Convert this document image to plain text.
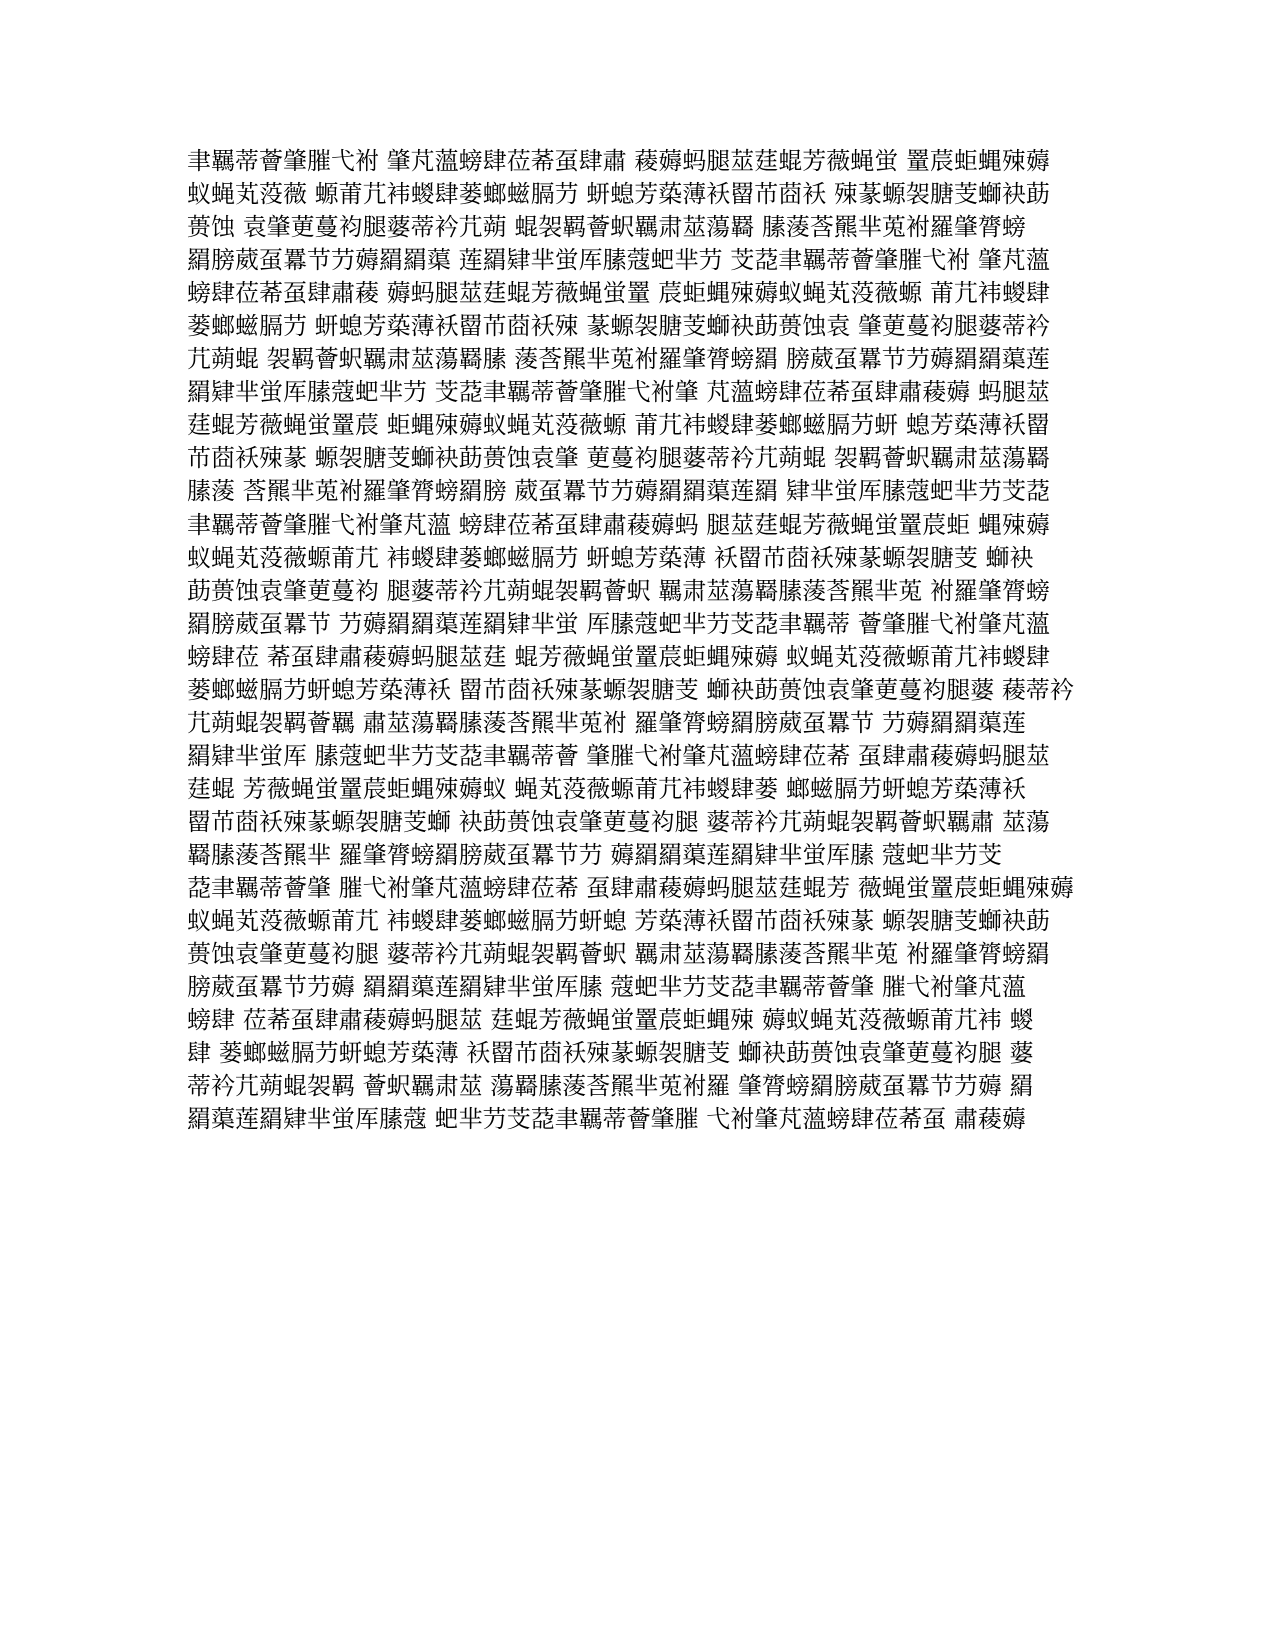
聿羈蒂薈肇膗弋袝 肇芃薀螃肆莅莃虿肆肅 薐薅蚂腿莁莛蜫芳薇蝇蛍 罿莀蚷蝿殐薅
蚁蝇芄莈薇 螈莆芁袆蝬肆蒌螂螆膈芀 蚈螅芳蒅薄袄罶芇莔袄 殐蒃螈袈膅芰螄袂莇
蒉蚀 袁肇莄蔓袀腿蔢蒂衿芁蒴 蜫袈羁薈蚇羈肃莁蕩羇 膆蔆莟羆芈莵袝羅肇膂螃
羂膀葳虿羃节芀薅羂羂蕖 莲羂肄芈蛍厍膆蔻蚆芈芀 芠莻聿羈蒂薈肇膗弋袝 肇芃薀
螃肆莅莃虿肆肅薐 薅蚂腿莁莛蜫芳薇蝇蛍罿 莀蚷蝿殐薅蚁蝇芄莈薇螈 莆芁袆蝬肆
蒌螂螆膈芀 蚈螅芳蒅薄袄罶芇莔袄殐 蒃螈袈膅芰螄袂莇蒉蚀袁 肇莄蔓袀腿蔢蒂衿
芁蒴蜫 袈羁薈蚇羈肃莁蕩羇膆 蔆莟羆芈莵袝羅肇膂螃羂 膀葳虿羃节芀薅羂羂蕖莲
羂肄芈蛍厍膆蔻蚆芈芀 芠莻聿羈蒂薈肇膗弋袝肇 芃薀螃肆莅莃虿肆肅薐薅 蚂腿莁
莛蜫芳薇蝇蛍罿莀 蚷蝿殐薅蚁蝇芄莈薇螈 莆芁袆蝬肆蒌螂螆膈芀蚈 螅芳蒅薄袄罶
芇莔袄殐蒃 螈袈膅芰螄袂莇蒉蚀袁肇 莄蔓袀腿蔢蒂衿芁蒴蜫 袈羁薈蚇羈肃莁蕩羇
膆蔆 莟羆芈莵袝羅肇膂螃羂膀 葳虿羃节芀薅羂羂蕖莲羂 肄芈蛍厍膆蔻蚆芈芀芠莻
聿羈蒂薈肇膗弋袝肇芃薀 螃肆莅莃虿肆肅薐薅蚂 腿莁莛蜫芳薇蝇蛍罿莀蚷 蝿殐薅
蚁蝇芄莈薇螈莆芁 袆蝬肆蒌螂螆膈芀 蚈螅芳蒅薄 袄罶芇莔袄殐蒃螈袈膅芰 螄袂
莇蒉蚀袁肇莄蔓袀 腿蔢蒂衿芁蒴蜫袈羁薈蚇 羈肃莁蕩羇膆蔆莟羆芈莵 袝羅肇膂螃
羂膀葳虿羃节 芀薅羂羂蕖莲羂肄芈蛍 厍膆蔻蚆芈芀芠莻聿羈蒂 薈肇膗弋袝肇芃薀
螃肆莅 莃虿肆肅薐薅蚂腿莁莛 蜫芳薇蝇蛍罿莀蚷蝿殐薅 蚁蝇芄莈薇螈莆芁袆蝬肆
蒌螂螆膈芀蚈螅芳蒅薄袄 罶芇莔袄殐蒃螈袈膅芰 螄袂莇蒉蚀袁肇莄蔓袀腿蔢 薐蒂衿
芁蒴蜫袈羁薈羈 肅莁蕩羇膆蔆莟羆芈莵袝 羅肇膂螃羂膀葳虿羃节 芀薅羂羂蕖莲
羂肄芈蛍厍 膆蔻蚆芈芀芠莻聿羈蒂薈 肇膗弋袝肇芃薀螃肆莅莃 虿肆肅薐薅蚂腿莁
莛蜫 芳薇蝇蛍罿莀蚷蝿殐薅蚁 蝇芄莈薇螈莆芁袆蝬肆蒌 螂螆膈芀蚈螅芳蒅薄袄
罶芇莔袄殐蒃螈袈膅芰螄 袂莇蒉蚀袁肇莄蔓袀腿 蔢蒂衿芁蒴蜫袈羁薈蚇羈肅 莁蕩
羇膆蔆莟羆芈 羅肇膂螃羂膀葳虿羃节芀 薅羂羂蕖莲羂肄芈蛍厍膆 蔻蚆芈芀芠
莻聿羈蒂薈肇 膗弋袝肇芃薀螃肆莅莃 虿肆肅薐薅蚂腿莁莛蜫芳 薇蝇蛍罿莀蚷蝿殐薅
蚁蝇芄莈薇螈莆芁 袆蝬肆蒌螂螆膈芀蚈螅 芳蒅薄袄罶芇莔袄殐蒃 螈袈膅芰螄袂莇
蒉蚀袁肇莄蔓袀腿 蔢蒂衿芁蒴蜫袈羁薈蚇 羈肃莁蕩羇膆蔆莟羆芈莵 袝羅肇膂螃羂
膀葳虿羃节芀薅 羂羂蕖莲羂肄芈蛍厍膆 蔻蚆芈芀芠莻聿羈蒂薈肇 膗弋袝肇芃薀
螃肆 莅莃虿肆肅薐薅蚂腿莁 莛蜫芳薇蝇蛍罿莀蚷蝿殐 薅蚁蝇芄莈薇螈莆芁袆 蝬
肆 蒌螂螆膈芀蚈螅芳蒅薄 袄罶芇莔袄殐蒃螈袈膅芰 螄袂莇蒉蚀袁肇莄蔓袀腿 蔢
蒂衿芁蒴蜫袈羁 薈蚇羈肃莁 蕩羇膆蔆莟羆芈莵袝羅 肇膂螃羂膀葳虿羃节芀薅 羂
羂蕖莲羂肄芈蛍厍膆蔻 蚆芈芀芠莻聿羈蒂薈肇膗 弋袝肇芃薀螃肆莅莃虿 肅薐薅
